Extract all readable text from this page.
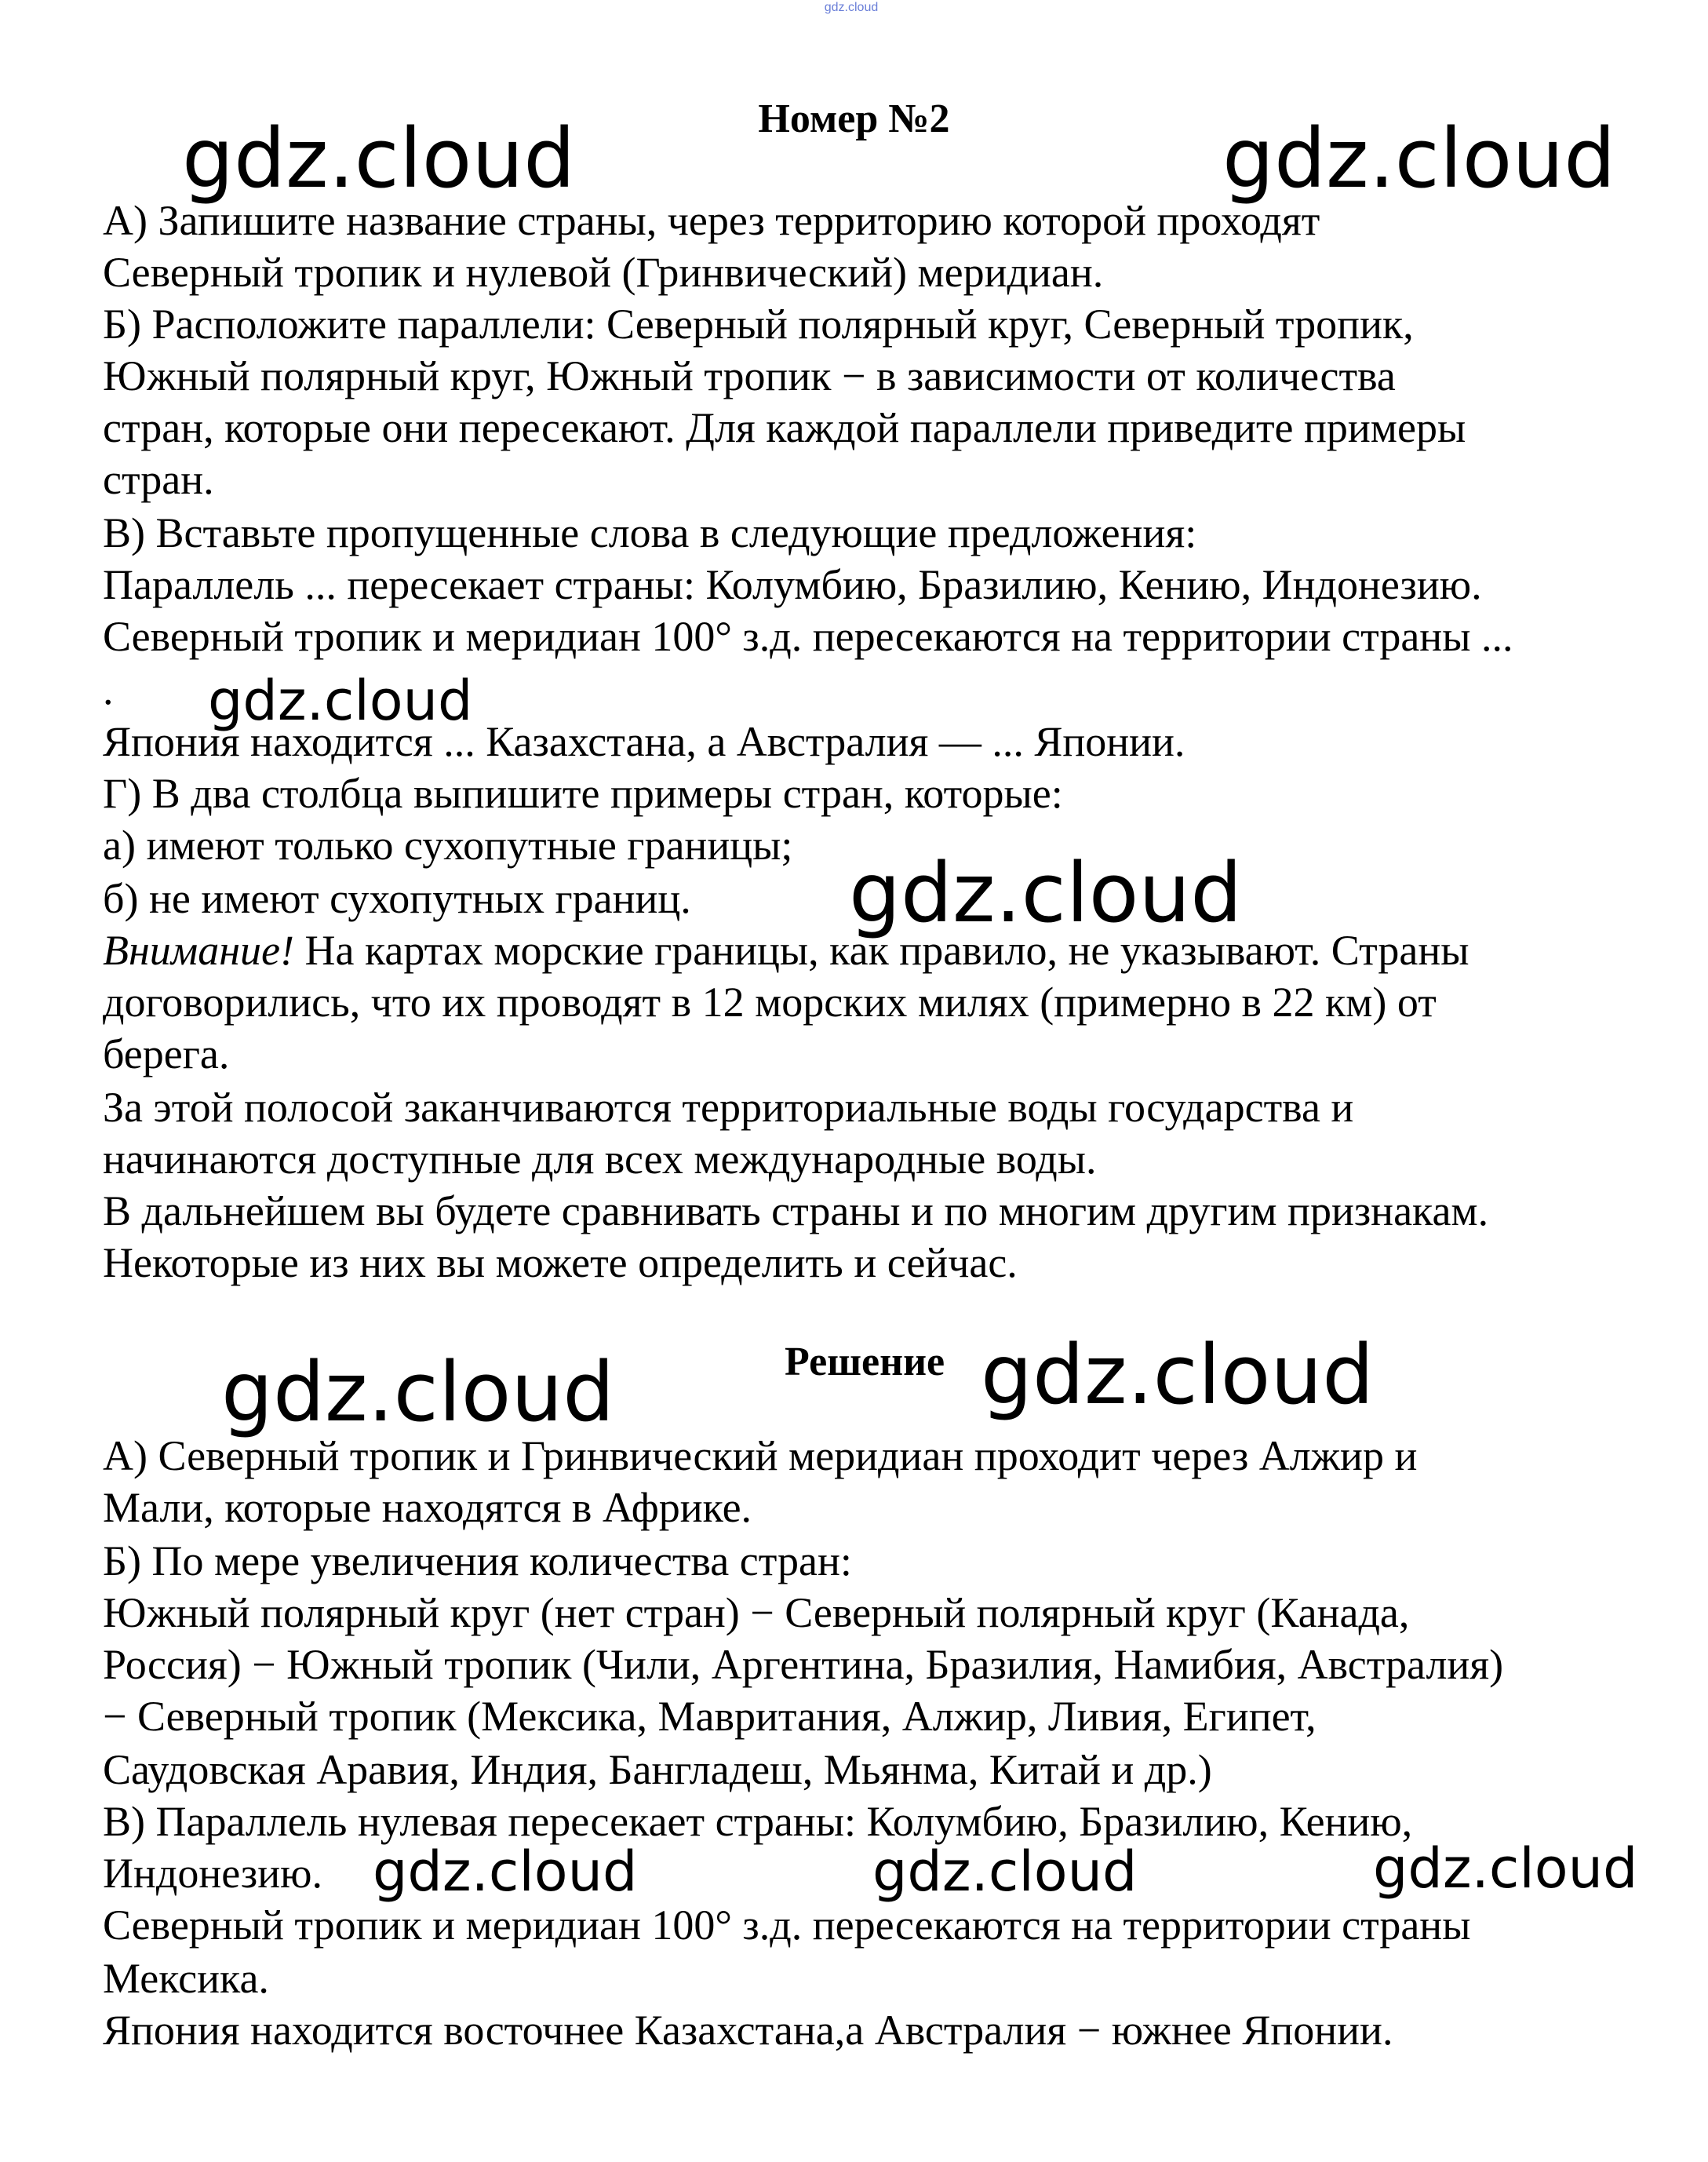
gdz.cloud
Номер №2
А) Запишите название страны, через территорию которой проходят
Северный тропик и нулевой (Гринвический) меридиан.
Б) Расположите параллели: Северный полярный круг, Северный тропик,
Южный полярный круг, Южный тропик − в зависимости от количества
стран, которые они пересекают. Для каждой параллели приведите примеры
стран.
В) Вставьте пропущенные слова в следующие предложения:
Параллель ... пересекает страны: Колумбию, Бразилию, Кению, Индонезию.
Северный тропик и меридиан 100° з.д. пересекаются на территории страны ...
.
Япония находится ... Казахстана, а Австралия — ... Японии.
Г) В два столбца выпишите примеры стран, которые:
а) имеют только сухопутные границы;
б) не имеют сухопутных границ.
Внимание! На картах морские границы, как правило, не указывают. Страны
договорились, что их проводят в 12 морских милях (примерно в 22 км) от
берега.
За этой полосой заканчиваются территориальные воды государства и
начинаются доступные для всех международные воды.
В дальнейшем вы будете сравнивать страны и по многим другим признакам.
Некоторые из них вы можете определить и сейчас.
Решение
А) Северный тропик и Гринвический меридиан проходит через Алжир и
Мали, которые находятся в Африке.
Б) По мере увеличения количества стран:
Южный полярный круг (нет стран) − Северный полярный круг (Канада,
Россия) − Южный тропик (Чили, Аргентина, Бразилия, Намибия, Австралия)
− Северный тропик (Мексика, Мавритания, Алжир, Ливия, Египет,
Саудовская Аравия, Индия, Бангладеш, Мьянма, Китай и др.)
В) Параллель нулевая пересекает страны: Колумбию, Бразилию, Кению,
Индонезию.
Северный тропик и меридиан 100° з.д. пересекаются на территории страны
Мексика.
Япония находится восточнее Казахстана,а Австралия − южнее Японии.
gdz.cloud	gdz.cloud
gdz.cloud
gdz.cloud
gdz.cloud	gdz.cloud
gdz.cloud	gdz.cloud	gdz.cloud
